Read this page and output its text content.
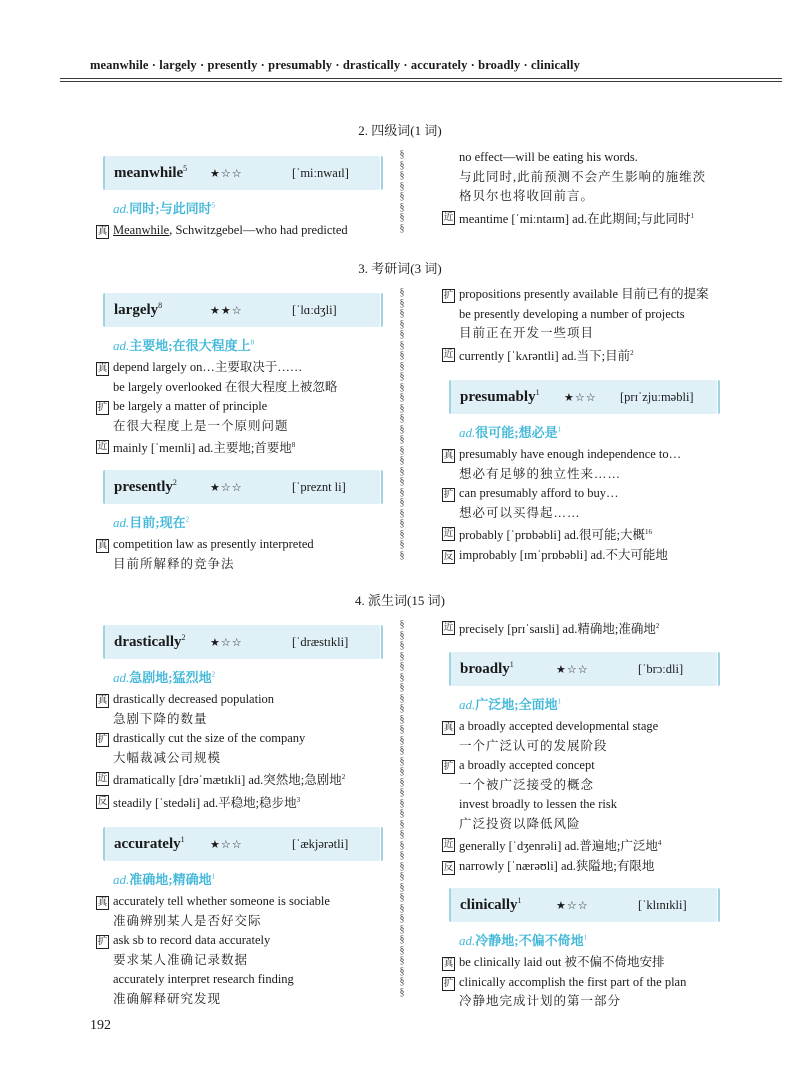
meanwhile · largely · presently · presumably · drastically · accurately · broadly · clinically
2. 四级词(1 词)
meanwhile$^5$	★☆☆	[ˈmiːnwaɪl]
ad.同时;与此同时$^5$
真 Meanwhile, Schwitzgebel—who had predicted
§
§
§
§
§
§
§
§
no effect—will be eating his words.
与此同时,此前预测不会产生影响的施维茨
格贝尔也将收回前言。
近 meantime [ˈmiːntaɪm] ad.在此期间;与此同时$^1$
3. 考研词(3 词)
largely$^8$	★★☆	[ˈlɑːdʒli]
ad.主要地;在很大程度上$^8$
真 depend largely on…主要取决于……
be largely overlooked 在很大程度上被忽略
扩 be largely a matter of principle
在很大程度上是一个原则问题
近 mainly [ˈmeɪnli] ad.主要地;首要地$^8$
presently$^2$	★☆☆	[ˈpreznt li]
ad.目前;现在$^2$
真 competition law as presently interpreted
目前所解释的竞争法
§
§
§
§
§
§
§
§
§
§
§
§
§
§
§
§
§
§
§
§
§
§
§
§
§
§
扩 propositions presently available 目前已有的提案
be presently developing a number of projects
目前正在开发一些项目
近 currently [ˈkʌrəntli] ad.当下;目前$^2$
presumably$^1$	★☆☆	[prɪˈzjuːməbli]
ad.很可能;想必是$^1$
真 presumably have enough independence to…
想必有足够的独立性来……
扩 can presumably afford to buy…
想必可以买得起……
近 probably [ˈprɒbəbli] ad.很可能;大概$^{16}$
反 improbably [ɪmˈprɒbəbli] ad.不大可能地
4. 派生词(15 词)
drastically$^2$	★☆☆	[ˈdræstɪkli]
ad.急剧地;猛烈地$^2$
真 drastically decreased population
急剧下降的数量
扩 drastically cut the size of the company
大幅裁减公司规模
近 dramatically [drəˈmætɪkli] ad.突然地;急剧地$^2$
反 steadily [ˈstedəli] ad.平稳地;稳步地$^3$
accurately$^1$	★☆☆	[ˈækjərətli]
ad.准确地;精确地$^1$
真 accurately tell whether someone is sociable
准确辨别某人是否好交际
扩 ask sb to record data accurately
要求某人准确记录数据
accurately interpret research finding
准确解释研究发现
§
§
§
§
§
§
§
§
§
§
§
§
§
§
§
§
§
§
§
§
§
§
§
§
§
§
§
§
§
§
§
§
§
§
§
§
近 precisely [prɪˈsaɪsli] ad.精确地;准确地$^2$
broadly$^1$	★☆☆	[ˈbrɔːdli]
ad.广泛地;全面地$^1$
真 a broadly accepted developmental stage
一个广泛认可的发展阶段
扩 a broadly accepted concept
一个被广泛接受的概念
invest broadly to lessen the risk
广泛投资以降低风险
近 generally [ˈdʒenrəli] ad.普遍地;广泛地$^4$
反 narrowly [ˈnærəʊli] ad.狭隘地;有限地
clinically$^1$	★☆☆	[ˈklɪnɪkli]
ad.冷静地;不偏不倚地$^1$
真 be clinically laid out 被不偏不倚地安排
扩 clinically accomplish the first part of the plan
冷静地完成计划的第一部分
192
